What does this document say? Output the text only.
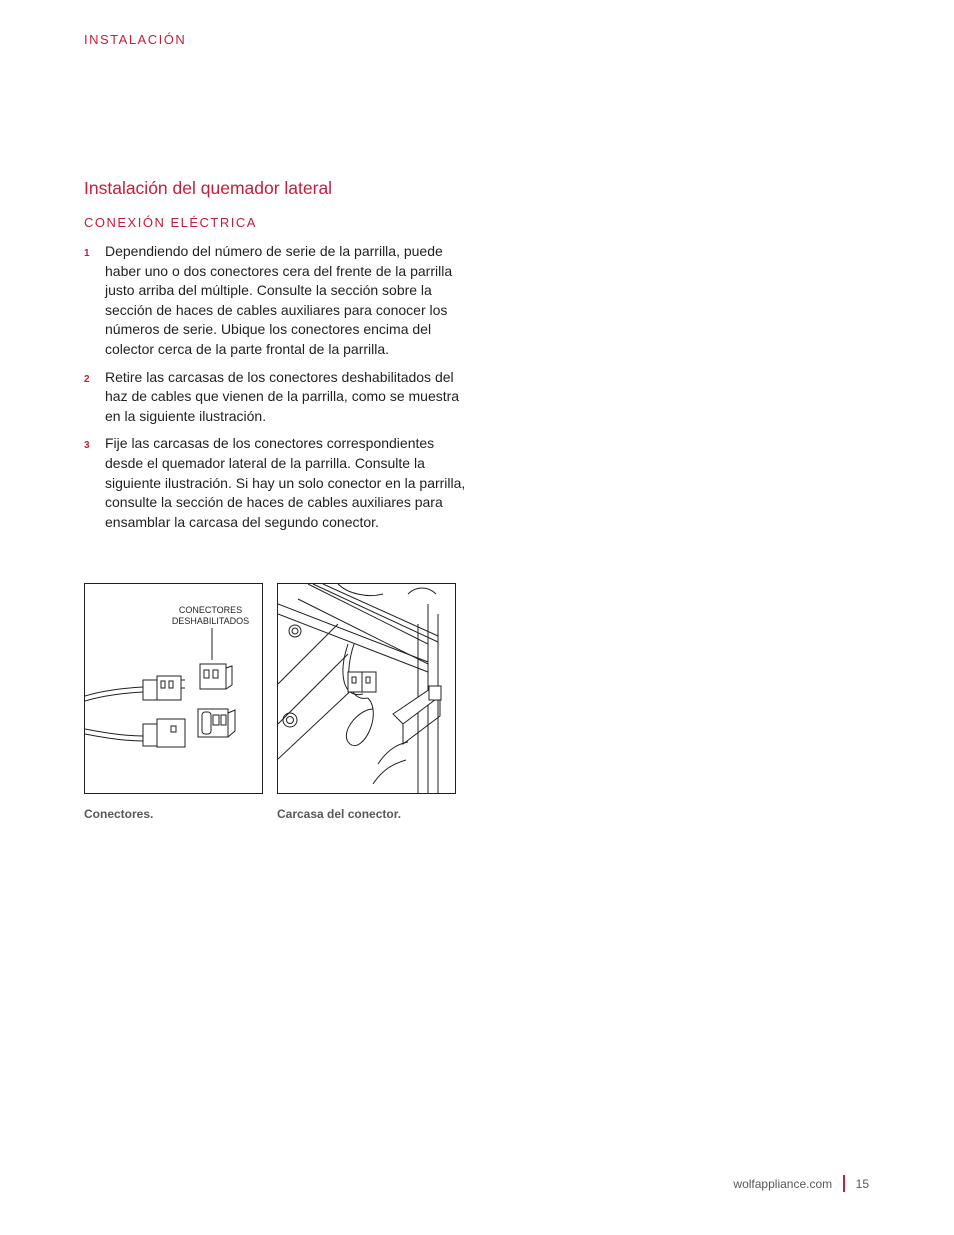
INSTALACIÓN
Instalación del quemador lateral
CONEXIÓN ELÉCTRICA
1 Dependiendo del número de serie de la parrilla, puede haber uno o dos conectores cera del frente de la parrilla justo arriba del múltiple. Consulte la sección sobre la sección de haces de cables auxiliares para conocer los números de serie. Ubique los conectores encima del colector cerca de la parte frontal de la parrilla.
2 Retire las carcasas de los conectores deshabilitados del haz de cables que vienen de la parrilla, como se muestra en la siguiente ilustración.
3 Fije las carcasas de los conectores correspondientes desde el quemador lateral de la parrilla. Consulte la siguiente ilustración. Si hay un solo conector en la parrilla, consulte la sección de haces de cables auxiliares para ensamblar la carcasa del segundo conector.
CONECTORES
DESHABILITADOS
Conectores.	Carcasa del conector.
wolfappliance.com 15
